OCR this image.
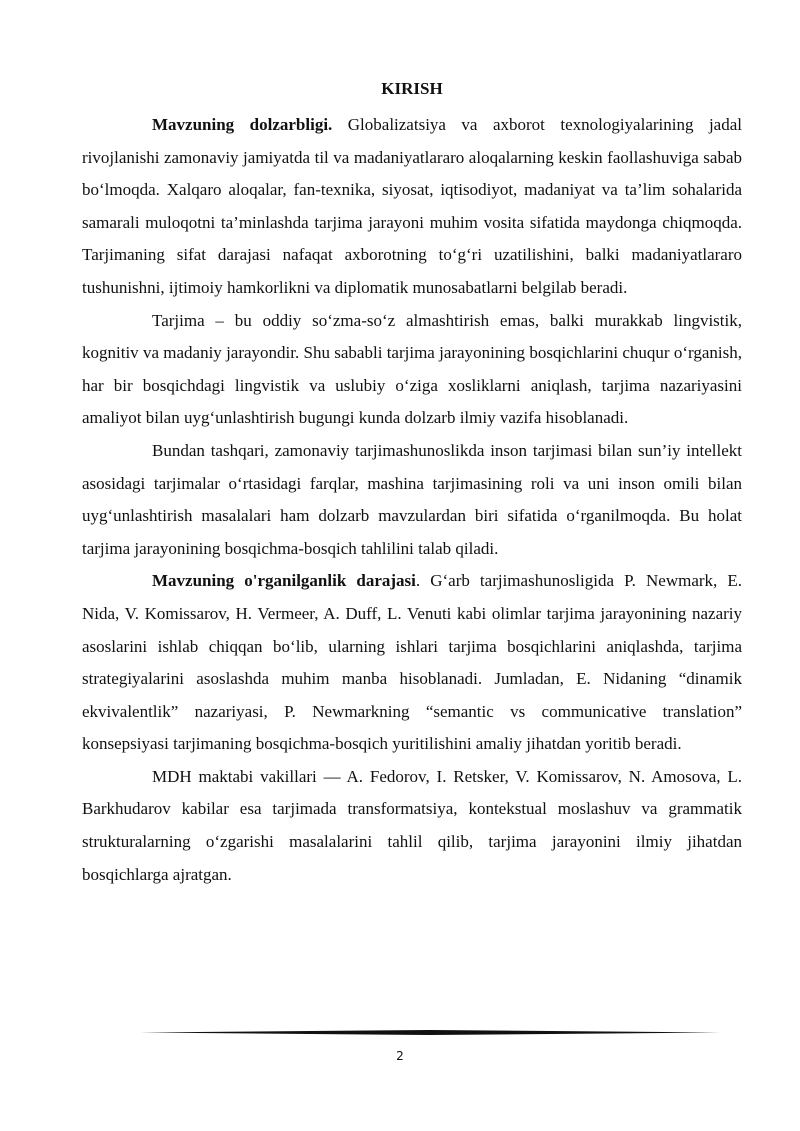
KIRISH

Mavzuning dolzarbligi. Globalizatsiya va axborot texnologiyalarining jadal rivojlanishi zamonaviy jamiyatda til va madaniyatlararo aloqalarning keskin faollashuviga sabab bo‘lmoqda. Xalqaro aloqalar, fan-texnika, siyosat, iqtisodiyot, madaniyat va ta’lim sohalarida samarali muloqotni ta’minlashda tarjima jarayoni muhim vosita sifatida maydonga chiqmoqda. Tarjimaning sifat darajasi nafaqat axborotning to‘g‘ri uzatilishini, balki madaniyatlararo tushunishni, ijtimoiy hamkorlikni va diplomatik munosabatlarni belgilab beradi.

Tarjima – bu oddiy so‘zma-so‘z almashtirish emas, balki murakkab lingvistik, kognitiv va madaniy jarayondir. Shu sababli tarjima jarayonining bosqichlarini chuqur o‘rganish, har bir bosqichdagi lingvistik va uslubiy o‘ziga xosliklarni aniqlash, tarjima nazariyasini amaliyot bilan uyg‘unlashtirish bugungi kunda dolzarb ilmiy vazifa hisoblanadi.

Bundan tashqari, zamonaviy tarjimashunoslikda inson tarjimasi bilan sun’iy intellekt asosidagi tarjimalar o‘rtasidagi farqlar, mashina tarjimasining roli va uni inson omili bilan uyg‘unlashtirish masalalari ham dolzarb mavzulardan biri sifatida o‘rganilmoqda. Bu holat tarjima jarayonining bosqichma-bosqich tahlilini talab qiladi.

Mavzuning o'rganilganlik darajasi. G‘arb tarjimashunosligida P. Newmark, E. Nida, V. Komissarov, H. Vermeer, A. Duff, L. Venuti kabi olimlar tarjima jarayonining nazariy asoslarini ishlab chiqqan bo‘lib, ularning ishlari tarjima bosqichlarini aniqlashda, tarjima strategiyalarini asoslashda muhim manba hisoblanadi. Jumladan, E. Nidaning “dinamik ekvivalentlik” nazariyasi, P. Newmarkning “semantic vs communicative translation” konsepsiyasi tarjimaning bosqichma-bosqich yuritilishini amaliy jihatdan yoritib beradi.

MDH maktabi vakillari — A. Fedorov, I. Retsker, V. Komissarov, N. Amosova, L. Barkhudarov kabilar esa tarjimada transformatsiya, kontekstual moslashuv va grammatik strukturalarning o‘zgarishi masalalarini tahlil qilib, tarjima jarayonini ilmiy jihatdan bosqichlarga ajratgan.

2
